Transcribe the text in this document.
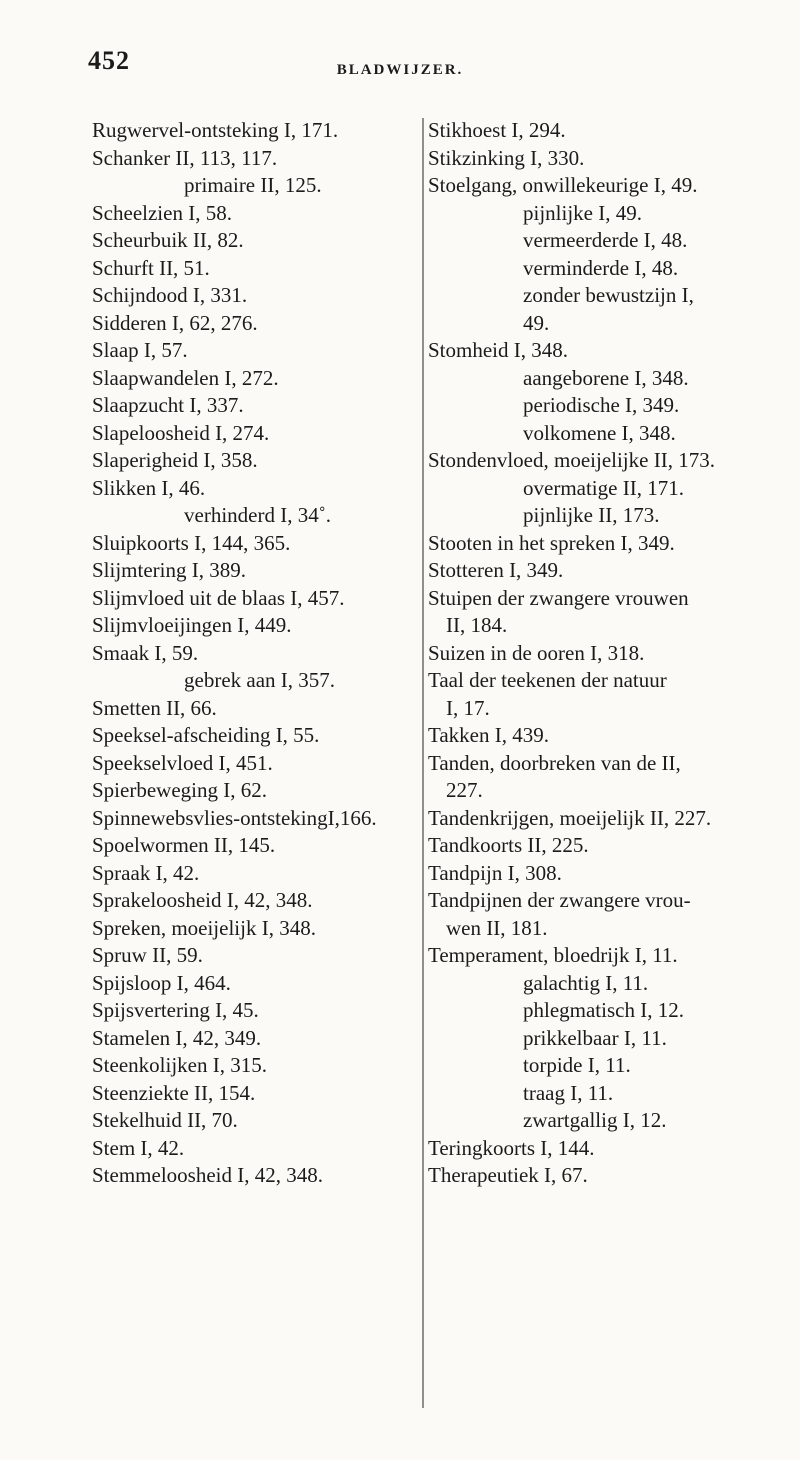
452	BLADWIJZER.
Rugwervel-ontsteking I, 171.
Schanker II, 113, 117.
primaire II, 125.
Scheelzien I, 58.
Scheurbuik II, 82.
Schurft II, 51.
Schijndood I, 331.
Sidderen I, 62, 276.
Slaap I, 57.
Slaapwandelen I, 272.
Slaapzucht I, 337.
Slapeloosheid I, 274.
Slaperigheid I, 358.
Slikken I, 46.
verhinderd I, 34˚.
Sluipkoorts I, 144, 365.
Slijmtering I, 389.
Slijmvloed uit de blaas I, 457.
Slijmvloeijingen I, 449.
Smaak I, 59.
gebrek aan I, 357.
Smetten II, 66.
Speeksel-afscheiding I, 55.
Speekselvloed I, 451.
Spierbeweging I, 62.
Spinnewebsvlies-ontstekingI,166.
Spoelwormen II, 145.
Spraak I, 42.
Sprakeloosheid I, 42, 348.
Spreken, moeijelijk I, 348.
Spruw II, 59.
Spijsloop I, 464.
Spijsvertering I, 45.
Stamelen I, 42, 349.
Steenkolijken I, 315.
Steenziekte II, 154.
Stekelhuid II, 70.
Stem I, 42.
Stemmeloosheid I, 42, 348.
Stikhoest I, 294.
Stikzinking I, 330.
Stoelgang, onwillekeurige I, 49.
pijnlijke I, 49.
vermeerderde I, 48.
verminderde I, 48.
zonder bewustzijn I,
49.
Stomheid I, 348.
aangeborene I, 348.
periodische I, 349.
volkomene I, 348.
Stondenvloed, moeijelijke II, 173.
overmatige II, 171.
pijnlijke II, 173.
Stooten in het spreken I, 349.
Stotteren I, 349.
Stuipen der zwangere vrouwen
II, 184.
Suizen in de ooren I, 318.
Taal der teekenen der natuur
I, 17.
Takken I, 439.
Tanden, doorbreken van de II,
227.
Tandenkrijgen, moeijelijk II, 227.
Tandkoorts II, 225.
Tandpijn I, 308.
Tandpijnen der zwangere vrou-
wen II, 181.
Temperament, bloedrijk I, 11.
galachtig I, 11.
phlegmatisch I, 12.
prikkelbaar I, 11.
torpide I, 11.
traag I, 11.
zwartgallig I, 12.
Teringkoorts I, 144.
Therapeutiek I, 67.
